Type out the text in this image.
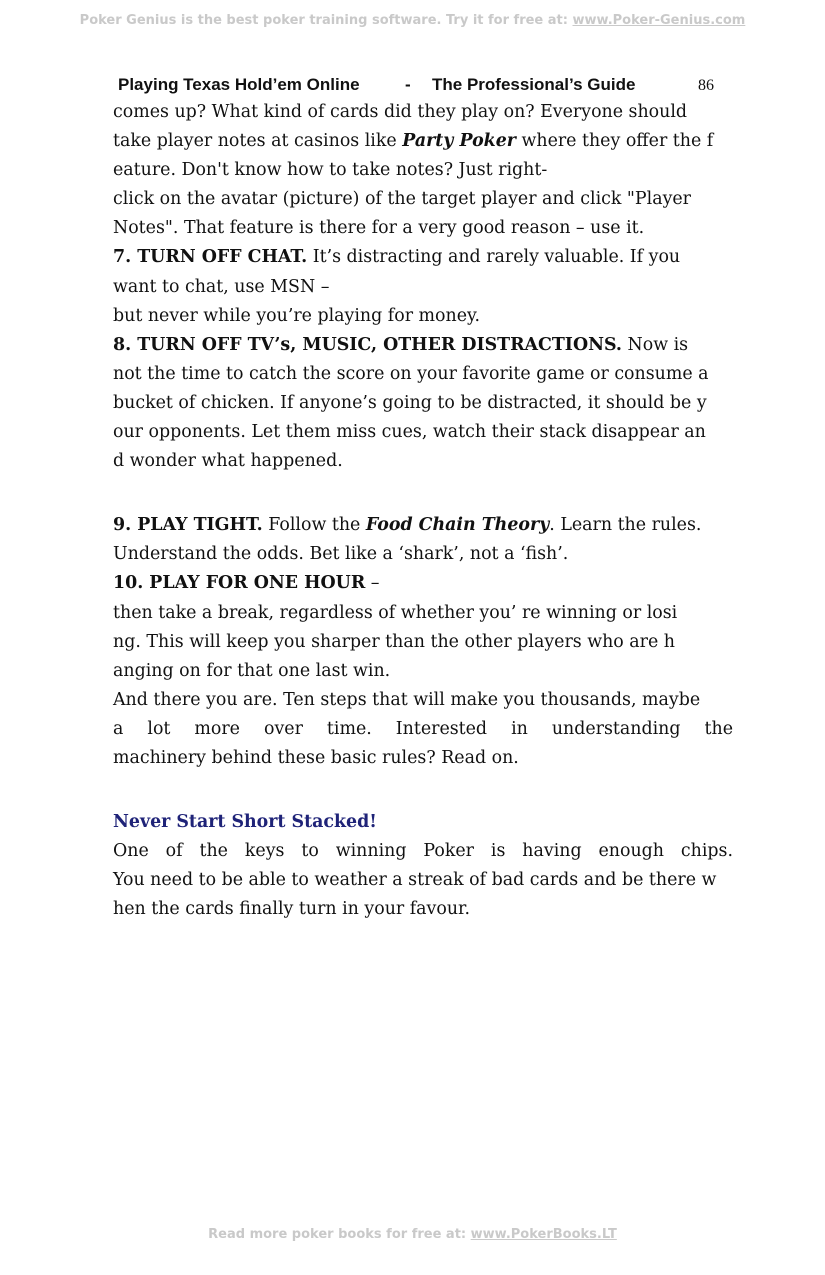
Poker Genius is the best poker training software. Try it for free at: www.Poker-Genius.com
Playing Texas Hold’em Online	- The Professional’s Guide	86
comes up? What kind of cards did they play on? Everyone should
take player notes at casinos like Party Poker where they offer the f
eature. Don't know how to take notes? Just right-
click on the avatar (picture) of the target player and click "Player
Notes". That feature is there for a very good reason – use it.
7. TURN OFF CHAT. It’s distracting and rarely valuable. If you
want to chat, use MSN –
but never while you’re playing for money.
8. TURN OFF TV’s, MUSIC, OTHER DISTRACTIONS. Now is
not the time to catch the score on your favorite game or consume a
bucket of chicken. If anyone’s going to be distracted, it should be y
our opponents. Let them miss cues, watch their stack disappear an
d wonder what happened.
9. PLAY TIGHT. Follow the Food Chain Theory. Learn the rules.
Understand the odds. Bet like a ‘shark’, not a ‘fish’.
10. PLAY FOR ONE HOUR –
then take a break, regardless of whether you’ re winning or losi
ng. This will keep you sharper than the other players who are h
anging on for that one last win.
And there you are. Ten steps that will make you thousands, maybe
a lot more over time. Interested in understanding the
machinery behind these basic rules? Read on.
Never Start Short Stacked!
One of the keys to winning Poker is having enough chips.
You need to be able to weather a streak of bad cards and be there w
hen the cards finally turn in your favour.
Read more poker books for free at: www.PokerBooks.LT
